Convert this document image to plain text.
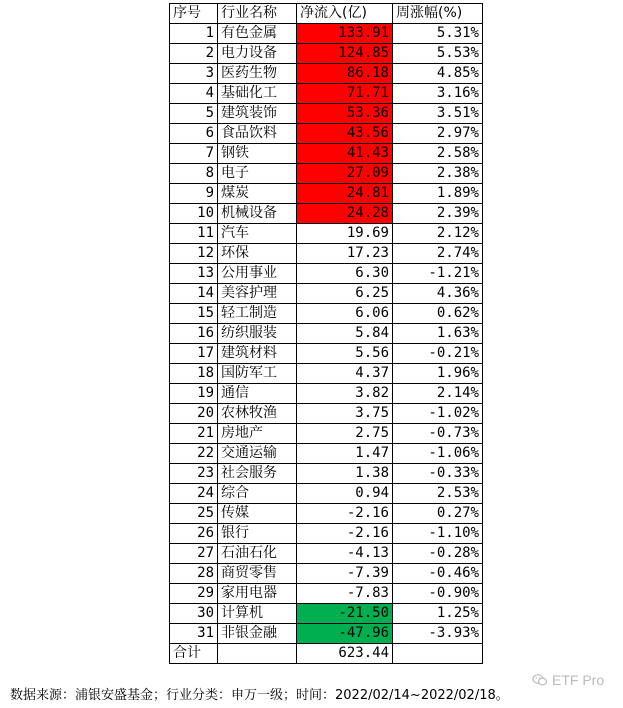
序号	行业名称	净流入(亿)	周涨幅(%)
1	有色金属	133.91	5.31%
2	电力设备	124.85	5.53%
3	医药生物	86.18	4.85%
4	基础化工	71.71	3.16%
5	建筑装饰	53.36	3.51%
6	食品饮料	43.56	2.97%
7	钢铁	41.43	2.58%
8	电子	27.09	2.38%
9	煤炭	24.81	1.89%
10	机械设备	24.28	2.39%
11	汽车	19.69	2.12%
12	环保	17.23	2.74%
13	公用事业	6.30	-1.21%
14	美容护理	6.25	4.36%
15	轻工制造	6.06	0.62%
16	纺织服装	5.84	1.63%
17	建筑材料	5.56	-0.21%
18	国防军工	4.37	1.96%
19	通信	3.82	2.14%
20	农林牧渔	3.75	-1.02%
21	房地产	2.75	-0.73%
22	交通运输	1.47	-1.06%
23	社会服务	1.38	-0.33%
24	综合	0.94	2.53%
25	传媒	-2.16	0.27%
26	银行	-2.16	-1.10%
27	石油石化	-4.13	-0.28%
28	商贸零售	-7.39	-0.46%
29	家用电器	-7.83	-0.90%
30	计算机	-21.50	1.25%
31	非银金融	-47.96	-3.93%
合计		623.44	
数据来源：浦银安盛基金；行业分类：申万一级；时间：2022/02/14~2022/02/18。
ETF Pro
